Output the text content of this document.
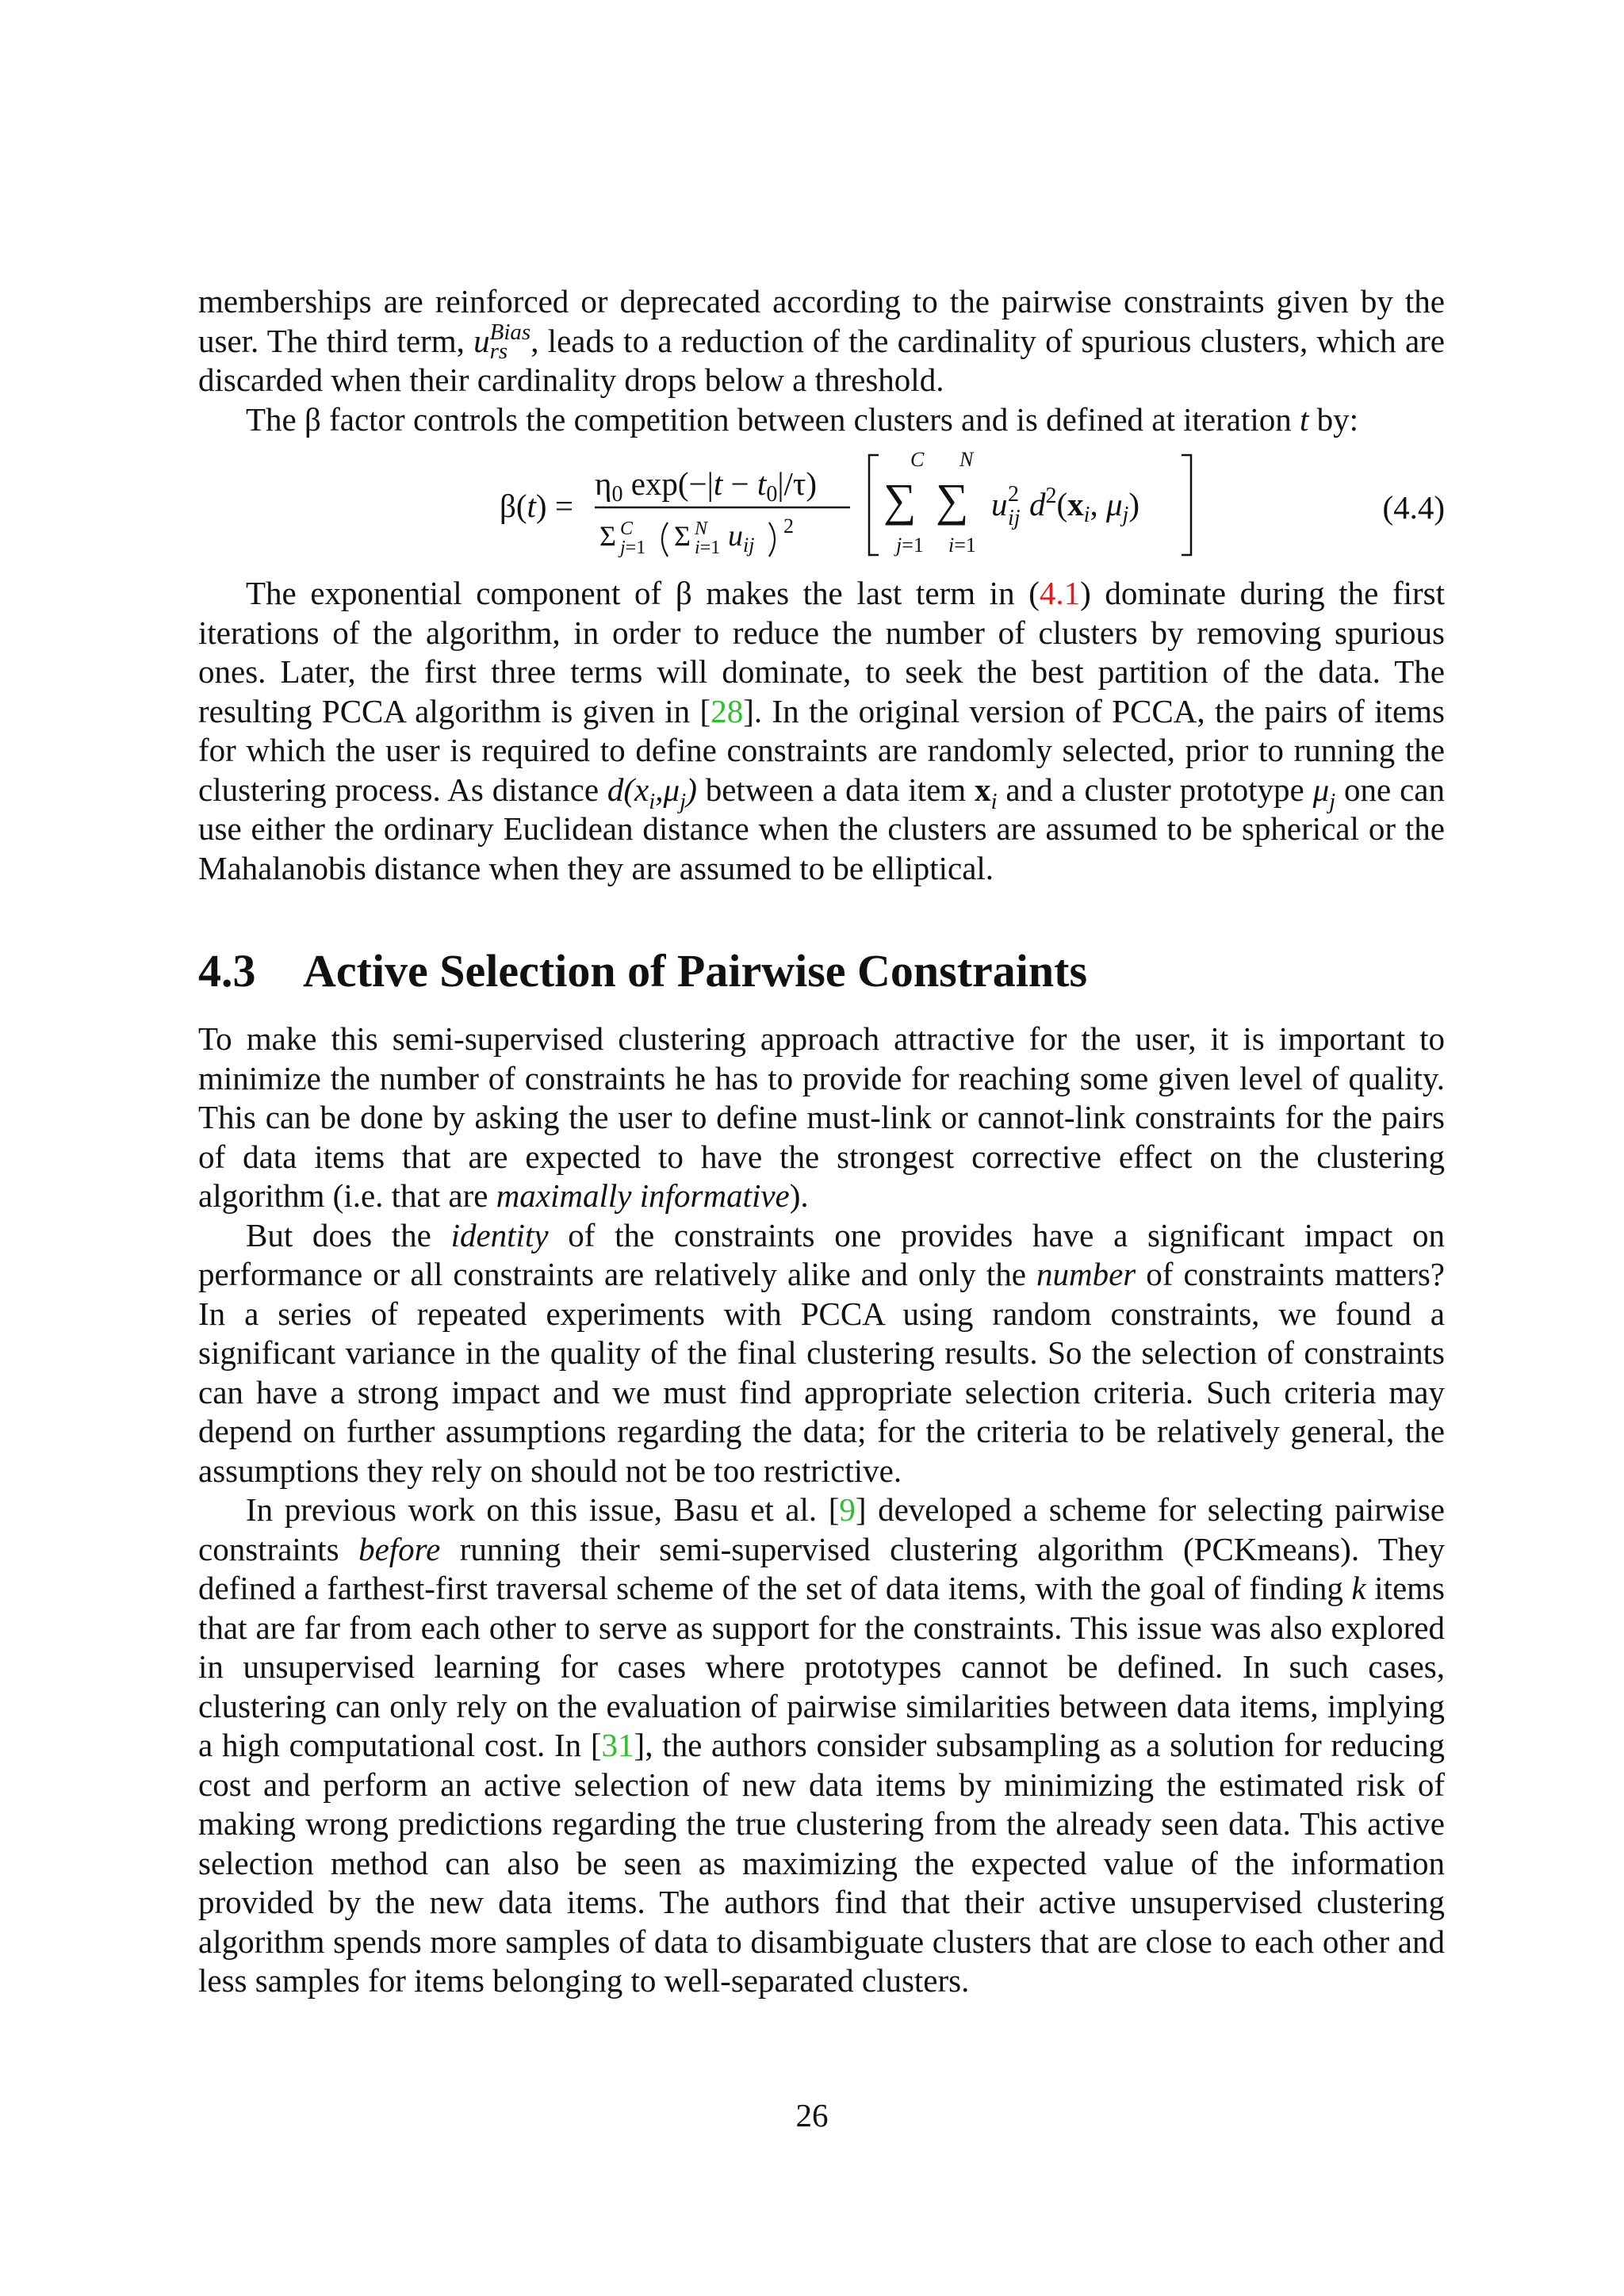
memberships are reinforced or deprecated according to the pairwise constraints given by the user. The third term, u Bias
rs , leads to a reduction of the cardinality of spurious clusters, which are discarded when their cardinality drops below a threshold.

The β factor controls the competition between clusters and is defined at iteration t by:

β(t) =
η0 exp(−|t − t0|/τ)
Σ C
j=1 Σ N
i=1 $u_{ij}$
2
C
∑
j=1
N
∑
i=1
u 2
ij $d^2(xi$, μj)	(4.4)

The exponential component of β makes the last term in (4.1) dominate during the first iterations of the algorithm, in order to reduce the number of clusters by removing spurious ones. Later, the first three terms will dominate, to seek the best partition of the data. The resulting PCCA algorithm is given in [28]. In the original version of PCCA, the pairs of items for which the user is required to define constraints are randomly selected, prior to running the clustering process. As distance $d(x_i,\mu_j)$ between a data item $x_i$ and a cluster prototype $\mu_j$ one can use either the ordinary Euclidean distance when the clusters are assumed to be spherical or the Mahalanobis distance when they are assumed to be elliptical.

4.3 Active Selection of Pairwise Constraints

To make this semi-supervised clustering approach attractive for the user, it is important to minimize the number of constraints he has to provide for reaching some given level of quality. This can be done by asking the user to define must-link or cannot-link constraints for the pairs of data items that are expected to have the strongest corrective effect on the clustering algorithm (i.e. that are maximally informative).

But does the identity of the constraints one provides have a significant impact on performance or all constraints are relatively alike and only the number of constraints matters? In a series of repeated experiments with PCCA using random constraints, we found a significant variance in the quality of the final clustering results. So the selection of constraints can have a strong impact and we must find appropriate selection criteria. Such criteria may depend on further assumptions regarding the data; for the criteria to be relatively general, the assumptions they rely on should not be too restrictive.

In previous work on this issue, Basu et al. [9] developed a scheme for selecting pairwise constraints before running their semi-supervised clustering algorithm (PCKmeans). They defined a farthest-first traversal scheme of the set of data items, with the goal of finding k items that are far from each other to serve as support for the constraints. This issue was also explored in unsupervised learning for cases where prototypes cannot be defined. In such cases, clustering can only rely on the evaluation of pairwise similarities between data items, implying a high computational cost. In [31], the authors consider subsampling as a solution for reducing cost and perform an active selection of new data items by minimizing the estimated risk of making wrong predictions regarding the true clustering from the already seen data. This active selection method can also be seen as maximizing the expected value of the information provided by the new data items. The authors find that their active unsupervised clustering algorithm spends more samples of data to disambiguate clusters that are close to each other and less samples for items belonging to well-separated clusters.

26
